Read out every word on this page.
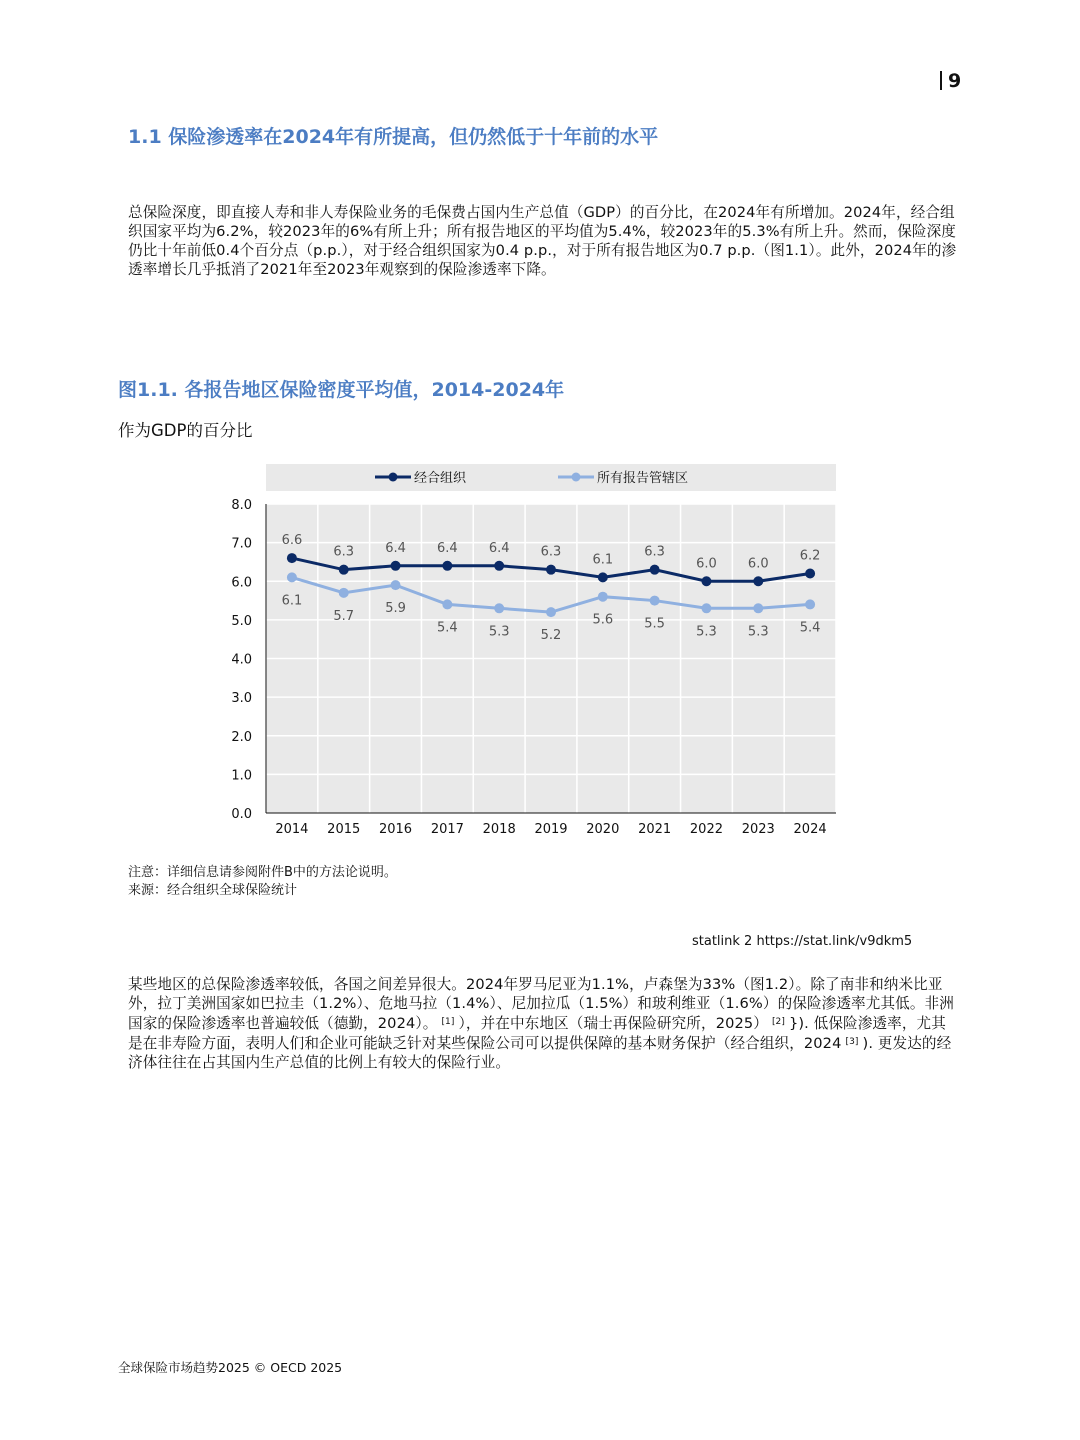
9
1.1 保险渗透率在2024年有所提高，但仍然低于十年前的水平
总保险深度，即直接人寿和非人寿保险业务的毛保费占国内生产总值（GDP）的百分比，在2024年有所增加。2024年，经合组织国家平均为6.2%，较2023年的6%有所上升；所有报告地区的平均值为5.4%，较2023年的5.3%有所上升。然而，保险深度仍比十年前低0.4个百分点（p.p.），对于经合组织国家为0.4 p.p.，对于所有报告地区为0.7 p.p.（图1.1）。此外，2024年的渗透率增长几乎抵消了2021年至2023年观察到的保险渗透率下降。
图1.1. 各报告地区保险密度平均值，2014-2024年
作为GDP的百分比
经合组织	所有报告管辖区
0.0
1.0
2.0
3.0
4.0
5.0
6.0
7.0
8.0
2014 2015 2016 2017 2018 2019 2020 2021 2022 2023 2024
6.6
6.3 6.4 6.4 6.4 6.3
6.1
6.3
6.0 6.0
6.2
6.1
5.7
5.9
5.4 5.3 5.2
5.6 5.5
5.3 5.3 5.4
注意：详细信息请参阅附件B中的方法论说明。
来源：经合组织全球保险统计
statlink 2 https://stat.link/v9dkm5
某些地区的总保险渗透率较低，各国之间差异很大。2024年罗马尼亚为1.1%，卢森堡为33%（图1.2）。除了南非和纳米比亚外，拉丁美洲国家如巴拉圭（1.2%）、危地马拉（1.4%）、尼加拉瓜（1.5%）和玻利维亚（1.6%）的保险渗透率尤其低。非洲国家的保险渗透率也普遍较低（德勤，2024）。 [1] ），并在中东地区（瑞士再保险研究所，2025） [2] }). 低保险渗透率，尤其是在非寿险方面，表明人们和企业可能缺乏针对某些保险公司可以提供保障的基本财务保护（经合组织，2024 [3] ). 更发达的经济体往往在占其国内生产总值的比例上有较大的保险行业。
全球保险市场趋势2025 © OECD 2025
